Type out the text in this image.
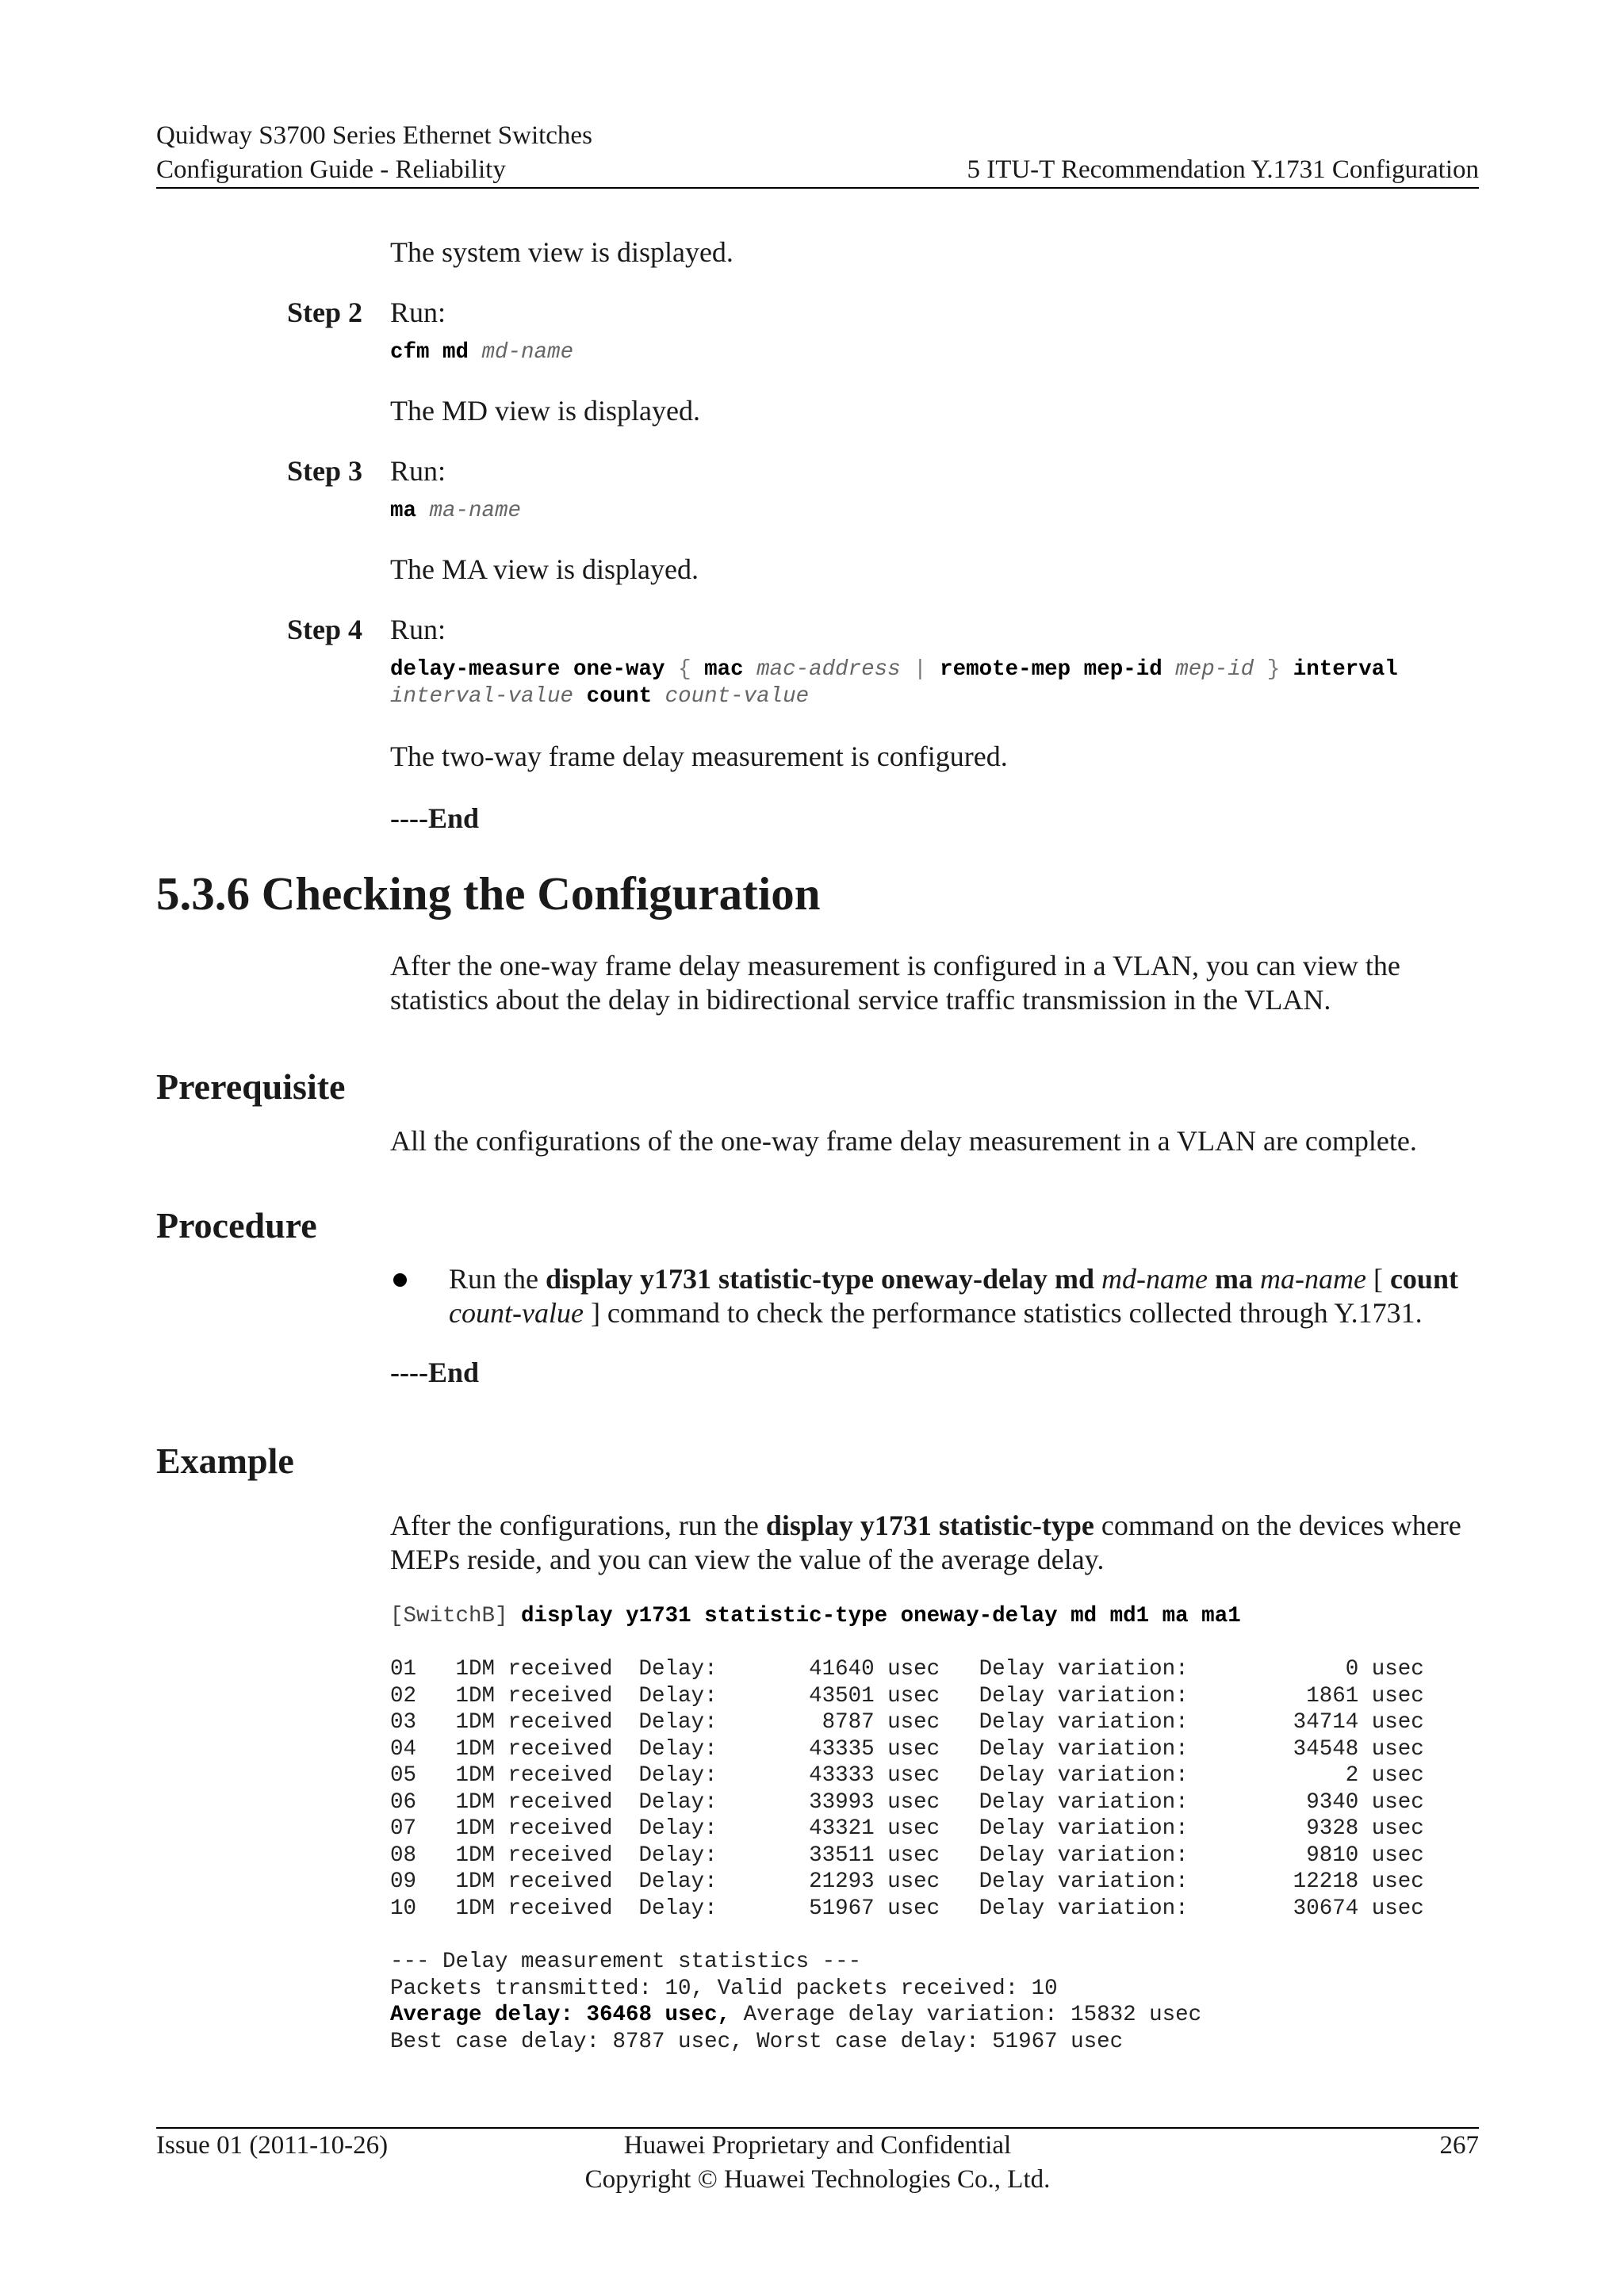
Quidway S3700 Series Ethernet Switches
Configuration Guide - Reliability	5 ITU-T Recommendation Y.1731 Configuration
The system view is displayed.
Step 2 Run:
cfm md md-name
The MD view is displayed.
Step 3 Run:
ma ma-name
The MA view is displayed.
Step 4 Run:
delay-measure one-way { mac mac-address | remote-mep mep-id mep-id } interval
interval-value count count-value
The two-way frame delay measurement is configured.
----End
5.3.6 Checking the Configuration
After the one-way frame delay measurement is configured in a VLAN, you can view the statistics about the delay in bidirectional service traffic transmission in the VLAN.
Prerequisite
All the configurations of the one-way frame delay measurement in a VLAN are complete.
Procedure
Run the display y1731 statistic-type oneway-delay md md-name ma ma-name [ count count-value ] command to check the performance statistics collected through Y.1731.
----End
Example
After the configurations, run the display y1731 statistic-type command on the devices where MEPs reside, and you can view the value of the average delay.
[SwitchB] display y1731 statistic-type oneway-delay md md1 ma ma1
01   1DM received  Delay:       41640 usec   Delay variation:            0 usec
02   1DM received  Delay:       43501 usec   Delay variation:         1861 usec
03   1DM received  Delay:        8787 usec   Delay variation:        34714 usec
04   1DM received  Delay:       43335 usec   Delay variation:        34548 usec
05   1DM received  Delay:       43333 usec   Delay variation:            2 usec
06   1DM received  Delay:       33993 usec   Delay variation:         9340 usec
07   1DM received  Delay:       43321 usec   Delay variation:         9328 usec
08   1DM received  Delay:       33511 usec   Delay variation:         9810 usec
09   1DM received  Delay:       21293 usec   Delay variation:        12218 usec
10   1DM received  Delay:       51967 usec   Delay variation:        30674 usec
--- Delay measurement statistics ---
Packets transmitted: 10, Valid packets received: 10
Average delay: 36468 usec, Average delay variation: 15832 usec
Best case delay: 8787 usec, Worst case delay: 51967 usec
Issue 01 (2011-10-26)	Huawei Proprietary and Confidential
Copyright © Huawei Technologies Co., Ltd.
267
